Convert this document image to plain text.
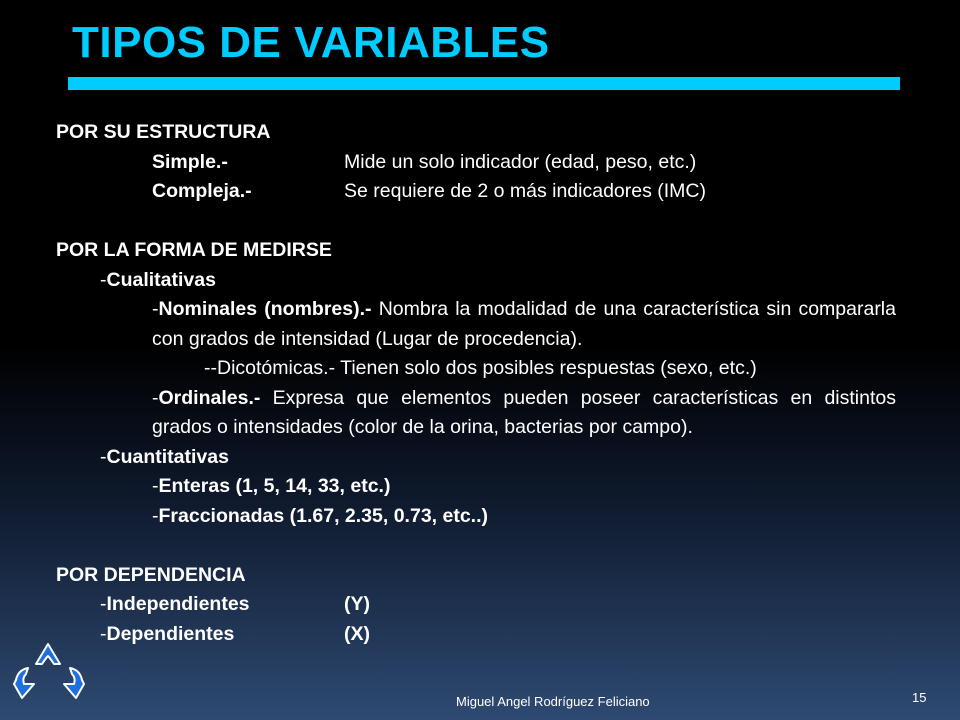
TIPOS DE VARIABLES
POR SU ESTRUCTURA
Simple.-	Mide un solo indicador (edad, peso, etc.)
Compleja.-	Se requiere de 2 o más indicadores (IMC)
POR LA FORMA DE MEDIRSE
-Cualitativas
-Nominales (nombres).- Nombra la modalidad de una característica sin compararla con grados de intensidad (Lugar de procedencia).
--Dicotómicas.- Tienen solo dos posibles respuestas (sexo, etc.)
-Ordinales.- Expresa que elementos pueden poseer características en distintos grados o intensidades (color de la orina, bacterias por campo).
-Cuantitativas
-Enteras (1, 5, 14, 33, etc.)
-Fraccionadas (1.67, 2.35, 0.73, etc..)
POR DEPENDENCIA
-Independientes	(Y)
-Dependientes	(X)
Miguel Angel Rodríguez Feliciano	15
